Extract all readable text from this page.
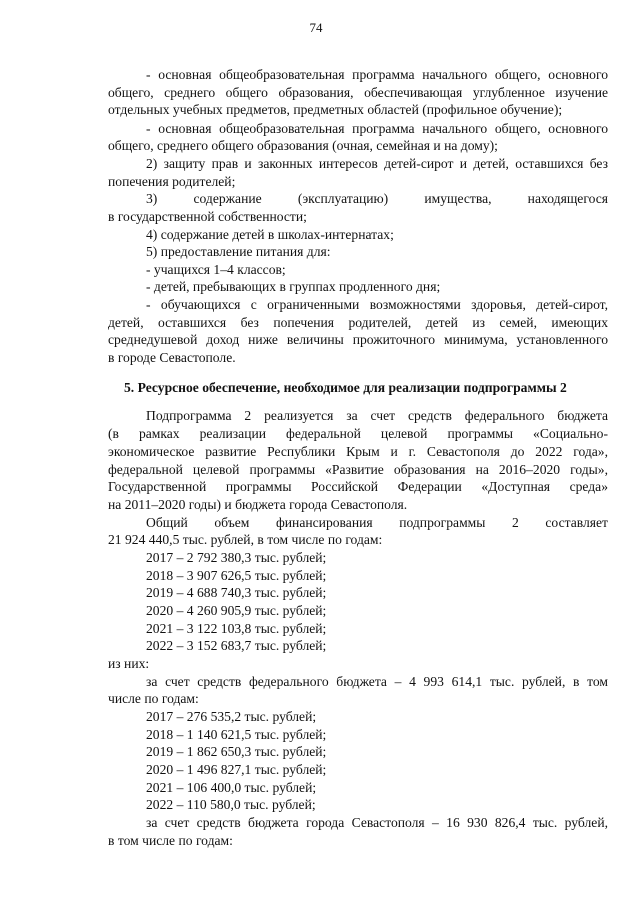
74
- основная общеобразовательная программа начального общего, основного
общего, среднего общего образования, обеспечивающая углубленное изучение
отдельных учебных предметов, предметных областей (профильное обучение);
- основная общеобразовательная программа начального общего, основного
общего, среднего общего образования (очная, семейная и на дому);
2) защиту прав и законных интересов детей-сирот и детей, оставшихся без
попечения родителей;
3) содержание (эксплуатацию) имущества, находящегося
в государственной собственности;
4) содержание детей в школах-интернатах;
5) предоставление питания для:
- учащихся 1–4 классов;
- детей, пребывающих в группах продленного дня;
- обучающихся с ограниченными возможностями здоровья, детей-сирот,
детей, оставшихся без попечения родителей, детей из семей, имеющих
среднедушевой доход ниже величины прожиточного минимума, установленного
в городе Севастополе.
5. Ресурсное обеспечение, необходимое для реализации подпрограммы 2
Подпрограмма 2 реализуется за счет средств федерального бюджета
(в рамках реализации федеральной целевой программы «Социально-
экономическое развитие Республики Крым и г. Севастополя до 2022 года»,
федеральной целевой программы «Развитие образования на 2016–2020 годы»,
Государственной программы Российской Федерации «Доступная среда»
на 2011–2020 годы) и бюджета города Севастополя.
Общий объем финансирования подпрограммы 2 составляет
21 924 440,5 тыс. рублей, в том числе по годам:
2017 – 2 792 380,3 тыс. рублей;
2018 – 3 907 626,5 тыс. рублей;
2019 – 4 688 740,3 тыс. рублей;
2020 – 4 260 905,9 тыс. рублей;
2021 – 3 122 103,8 тыс. рублей;
2022 – 3 152 683,7 тыс. рублей;
из них:
за счет средств федерального бюджета – 4 993 614,1 тыс. рублей, в том
числе по годам:
2017 – 276 535,2 тыс. рублей;
2018 – 1 140 621,5 тыс. рублей;
2019 – 1 862 650,3 тыс. рублей;
2020 – 1 496 827,1 тыс. рублей;
2021 – 106 400,0 тыс. рублей;
2022 – 110 580,0 тыс. рублей;
за счет средств бюджета города Севастополя – 16 930 826,4 тыс. рублей,
в том числе по годам:
